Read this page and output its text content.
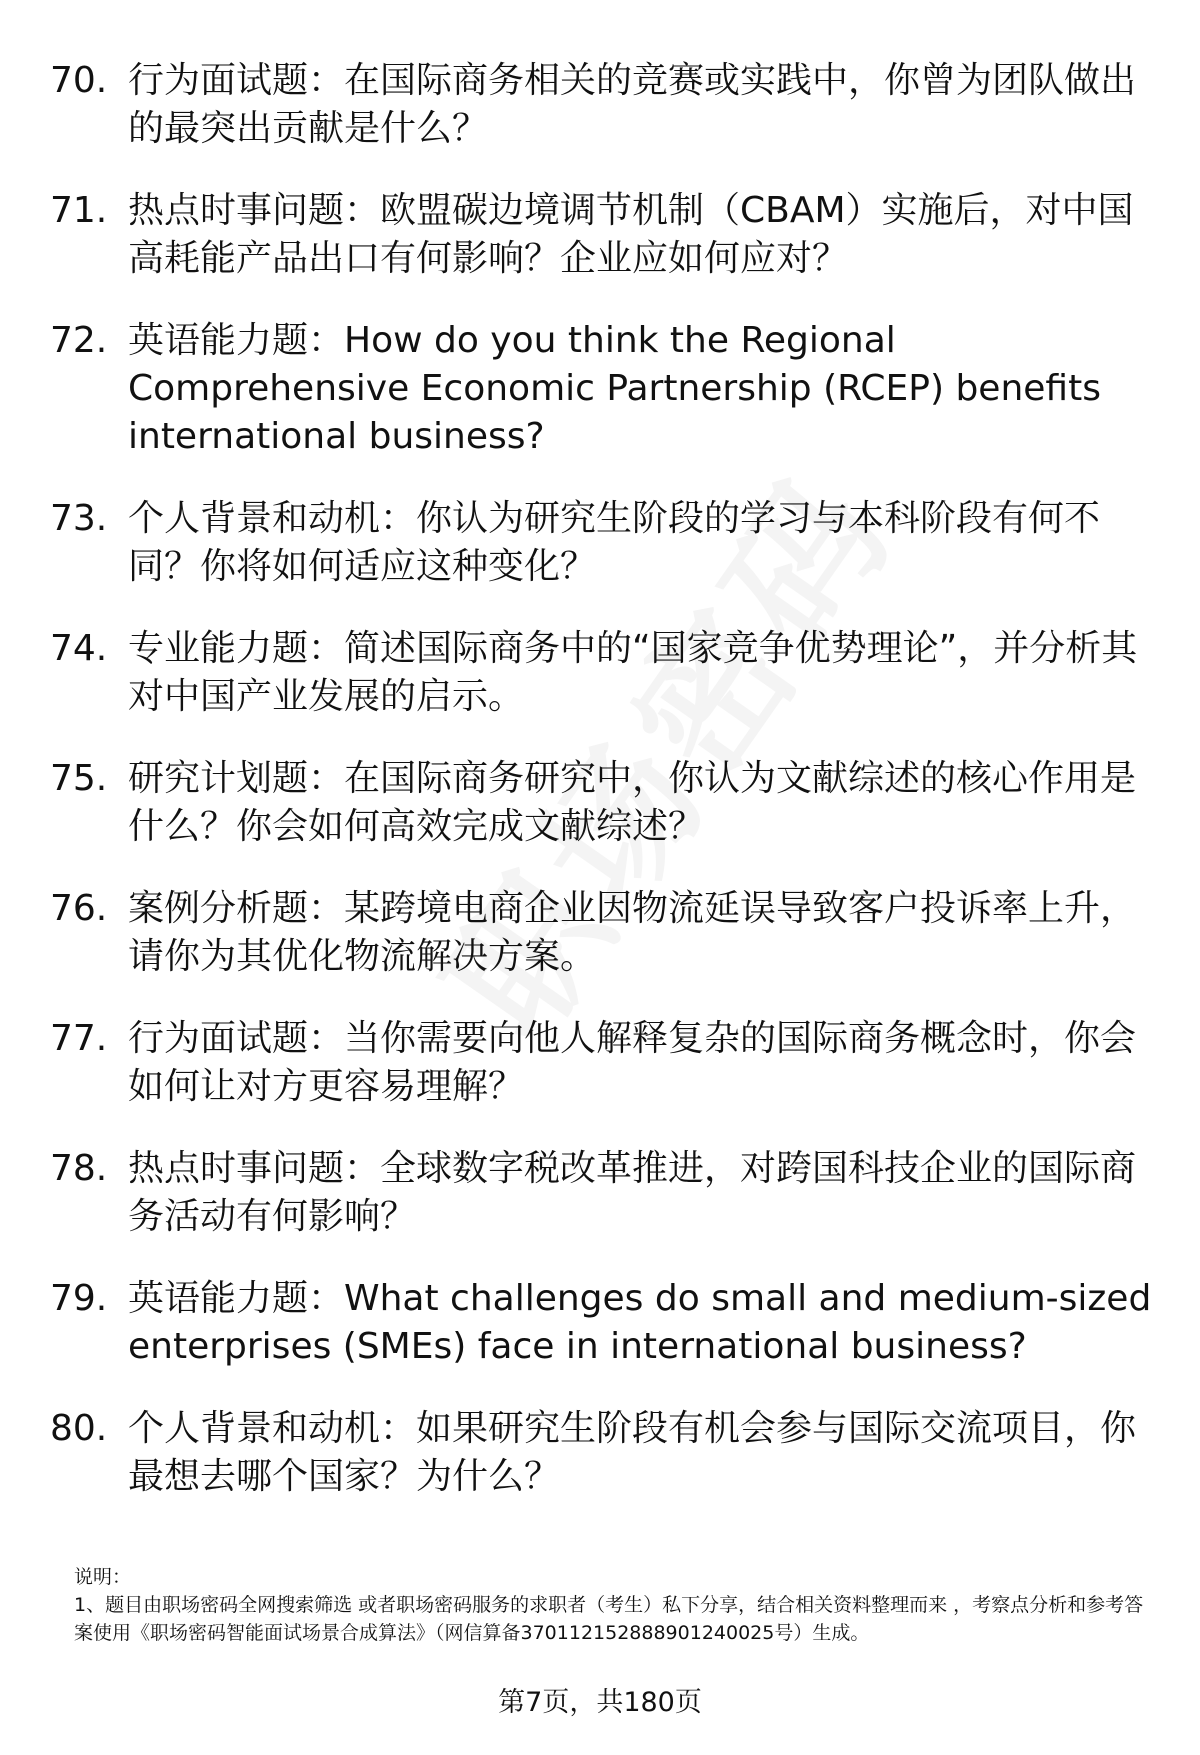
70. 行为面试题：在国际商务相关的竞赛或实践中，你曾为团队做出的最突出贡献是什么？
71. 热点时事问题：欧盟碳边境调节机制（CBAM）实施后，对中国高耗能产品出口有何影响？企业应如何应对？
72. 英语能力题：How do you think the Regional Comprehensive Economic Partnership (RCEP) benefits international business?
73. 个人背景和动机：你认为研究生阶段的学习与本科阶段有何不同？你将如何适应这种变化？
74. 专业能力题：简述国际商务中的“国家竞争优势理论”，并分析其对中国产业发展的启示。
75. 研究计划题：在国际商务研究中，你认为文献综述的核心作用是什么？你会如何高效完成文献综述？
76. 案例分析题：某跨境电商企业因物流延误导致客户投诉率上升，请你为其优化物流解决方案。
77. 行为面试题：当你需要向他人解释复杂的国际商务概念时，你会如何让对方更容易理解？
78. 热点时事问题：全球数字税改革推进，对跨国科技企业的国际商务活动有何影响？
79. 英语能力题：What challenges do small and medium-sized enterprises (SMEs) face in international business?
80. 个人背景和动机：如果研究生阶段有机会参与国际交流项目，你最想去哪个国家？为什么？
说明：
1、题目由职场密码全网搜索筛选 或者职场密码服务的求职者（考生）私下分享，结合相关资料整理而来 ，考察点分析和参考答案使用《职场密码智能面试场景合成算法》（网信算备370112152888901240025号）生成。
第7页，共180页
